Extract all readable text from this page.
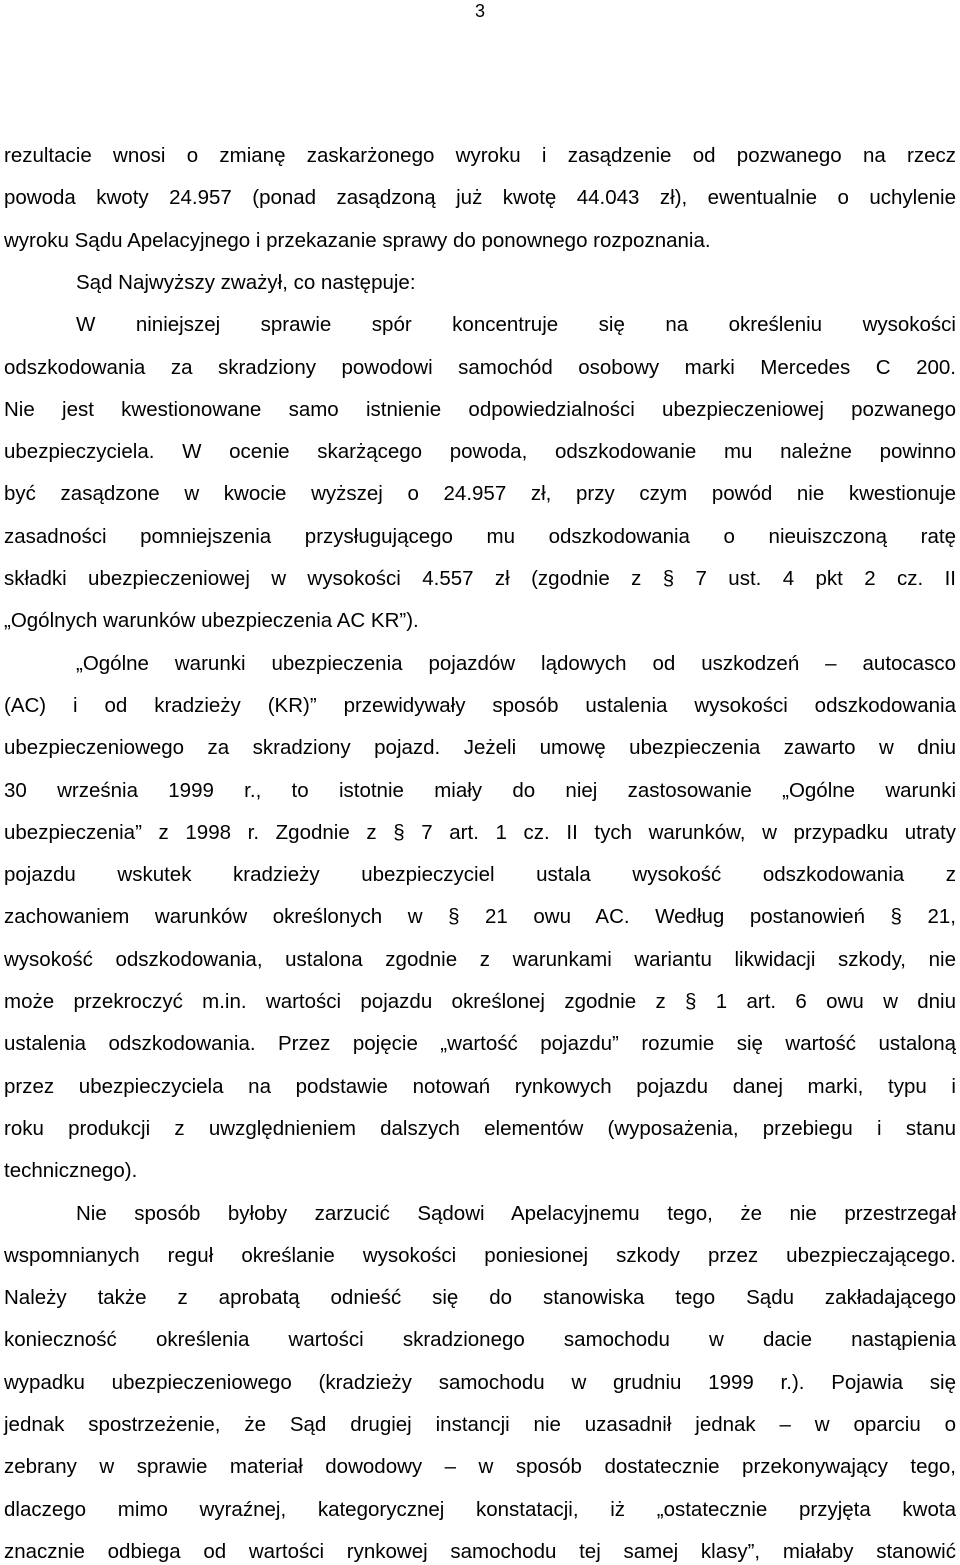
3
rezultacie wnosi o zmianę zaskarżonego wyroku i zasądzenie od pozwanego na rzecz
powoda kwoty 24.957 (ponad zasądzoną już kwotę 44.043 zł), ewentualnie o uchylenie
wyroku Sądu Apelacyjnego i przekazanie sprawy do ponownego rozpoznania.
Sąd Najwyższy zważył, co następuje:
W niniejszej sprawie spór koncentruje się na określeniu wysokości
odszkodowania za skradziony powodowi samochód osobowy marki Mercedes C 200.
Nie jest kwestionowane samo istnienie odpowiedzialności ubezpieczeniowej pozwanego
ubezpieczyciela. W ocenie skarżącego powoda, odszkodowanie mu należne powinno
być zasądzone w kwocie wyższej o 24.957 zł, przy czym powód nie kwestionuje
zasadności pomniejszenia przysługującego mu odszkodowania o nieuiszczoną ratę
składki ubezpieczeniowej w wysokości 4.557 zł (zgodnie z § 7 ust. 4 pkt 2 cz. II
„Ogólnych warunków ubezpieczenia AC KR”).
„Ogólne warunki ubezpieczenia pojazdów lądowych od uszkodzeń – autocasco
(AC) i od kradzieży (KR)” przewidywały sposób ustalenia wysokości odszkodowania
ubezpieczeniowego za skradziony pojazd. Jeżeli umowę ubezpieczenia zawarto w dniu
30 września 1999 r., to istotnie miały do niej zastosowanie „Ogólne warunki
ubezpieczenia” z 1998 r. Zgodnie z § 7 art. 1 cz. II tych warunków, w przypadku utraty
pojazdu wskutek kradzieży ubezpieczyciel ustala wysokość odszkodowania z
zachowaniem warunków określonych w § 21 owu AC. Według postanowień § 21,
wysokość odszkodowania, ustalona zgodnie z warunkami wariantu likwidacji szkody, nie
może przekroczyć m.in. wartości pojazdu określonej zgodnie z § 1 art. 6 owu w dniu
ustalenia odszkodowania. Przez pojęcie „wartość pojazdu” rozumie się wartość ustaloną
przez ubezpieczyciela na podstawie notowań rynkowych pojazdu danej marki, typu i
roku produkcji z uwzględnieniem dalszych elementów (wyposażenia, przebiegu i stanu
technicznego).
Nie sposób byłoby zarzucić Sądowi Apelacyjnemu tego, że nie przestrzegał
wspomnianych reguł określanie wysokości poniesionej szkody przez ubezpieczającego.
Należy także z aprobatą odnieść się do stanowiska tego Sądu zakładającego
konieczność określenia wartości skradzionego samochodu w dacie nastąpienia
wypadku ubezpieczeniowego (kradzieży samochodu w grudniu 1999 r.). Pojawia się
jednak spostrzeżenie, że Sąd drugiej instancji nie uzasadnił jednak – w oparciu o
zebrany w sprawie materiał dowodowy – w sposób dostatecznie przekonywający tego,
dlaczego mimo wyraźnej, kategorycznej konstatacji, iż „ostatecznie przyjęta kwota
znacznie odbiega od wartości rynkowej samochodu tej samej klasy”, miałaby stanowić
